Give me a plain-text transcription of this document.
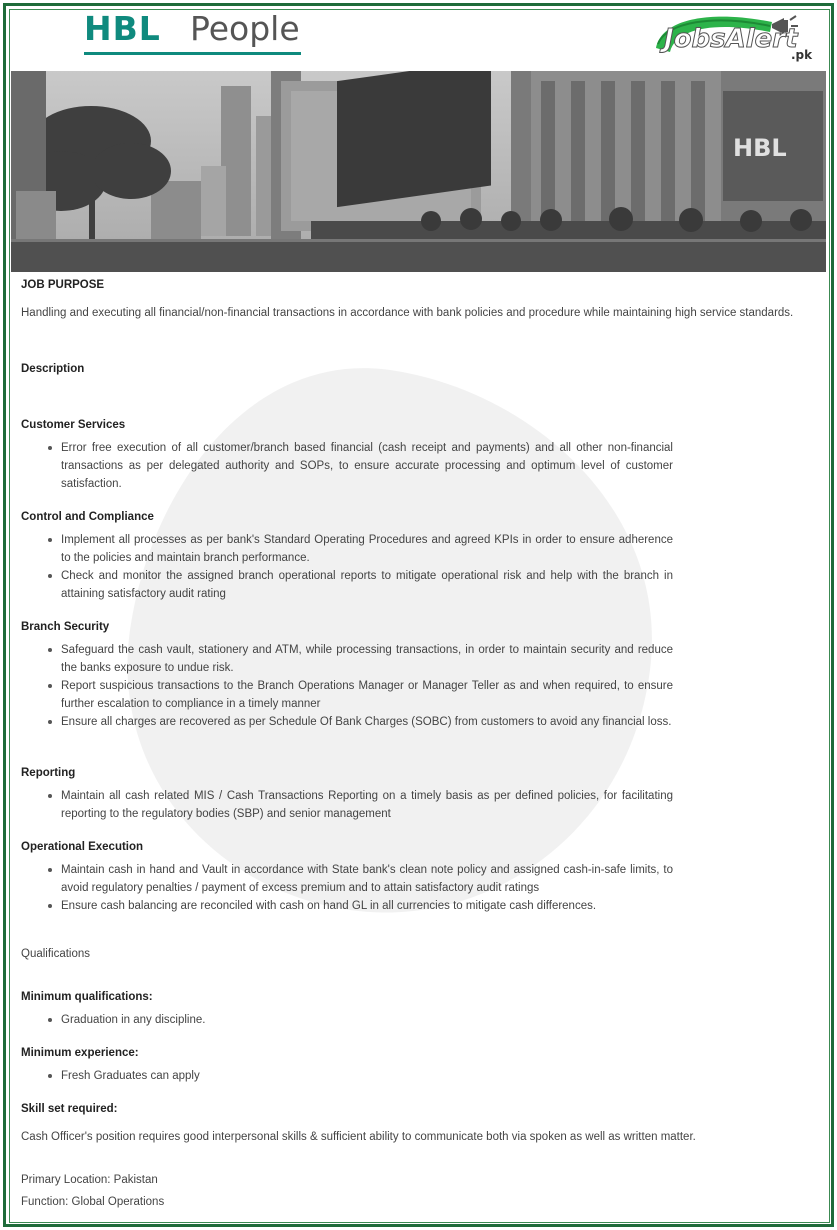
HBL People	JobsAlert
.pk
HBL
JOB PURPOSE
Handling and executing all financial/non-financial transactions in accordance with bank policies and procedure while maintaining high service standards.
Description
Customer Services
Error free execution of all customer/branch based financial (cash receipt and payments) and all other non-financial transactions as per delegated authority and SOPs, to ensure accurate processing and optimum level of customer satisfaction.
Control and Compliance
Implement all processes as per bank's Standard Operating Procedures and agreed KPIs in order to ensure adherence to the policies and maintain branch performance.
Check and monitor the assigned branch operational reports to mitigate operational risk and help with the branch in attaining satisfactory audit rating
Branch Security
Safeguard the cash vault, stationery and ATM, while processing transactions, in order to maintain security and reduce the banks exposure to undue risk.
Report suspicious transactions to the Branch Operations Manager or Manager Teller as and when required, to ensure further escalation to compliance in a timely manner
Ensure all charges are recovered as per Schedule Of Bank Charges (SOBC) from customers to avoid any financial loss.
Reporting
Maintain all cash related MIS / Cash Transactions Reporting on a timely basis as per defined policies, for facilitating reporting to the regulatory bodies (SBP) and senior management
Operational Execution
Maintain cash in hand and Vault in accordance with State bank's clean note policy and assigned cash-in-safe limits, to avoid regulatory penalties / payment of excess premium and to attain satisfactory audit ratings
Ensure cash balancing are reconciled with cash on hand GL in all currencies to mitigate cash differences.
Qualifications
Minimum qualifications:
Graduation in any discipline.
Minimum experience:
Fresh Graduates can apply
Skill set required:
Cash Officer's position requires good interpersonal skills & sufficient ability to communicate both via spoken as well as written matter.
Primary Location: Pakistan
Function: Global Operations
